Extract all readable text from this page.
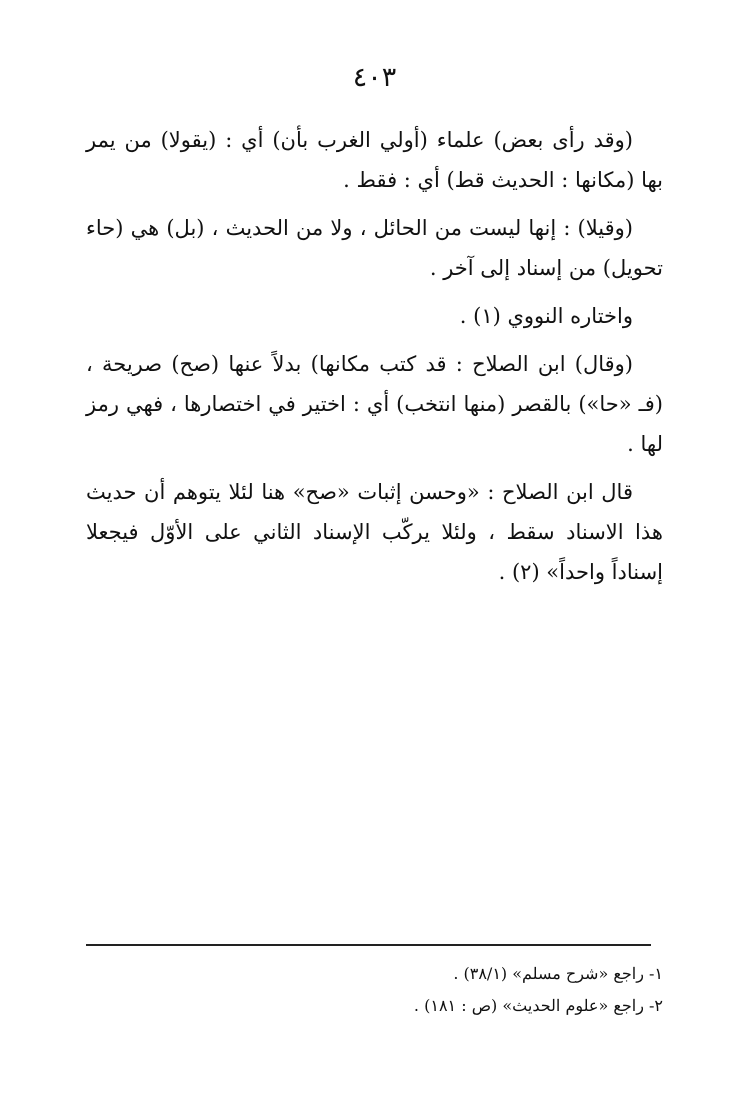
٤٠٣

(وقد رأى بعض) علماء (أولي الغرب بأن) أي : (يقولا) من يمر بها (مكانها : الحديث قط) أي : فقط .

(وقيلا) : إنها ليست من الحائل ، ولا من الحديث ، (بل) هي (حاء تحويل) من إسناد إلى آخر .

واختاره النووي (١) .

(وقال) ابن الصلاح : قد كتب مكانها) بدلاً عنها (صح) صريحة ، (فـ «حا») بالقصر (منها انتخب) أي : اختير في اختصارها ، فهي رمز لها .

قال ابن الصلاح : «وحسن إثبات «صح» هنا لئلا يتوهم أن حديث هذا الاسناد سقط ، ولئلا يركّب الإسناد الثاني على الأوّل فيجعلا إسناداً واحداً» (٢) .

١- راجع «شرح مسلم» (٣٨/١) .

٢- راجع «علوم الحديث» (ص : ١٨١) .
